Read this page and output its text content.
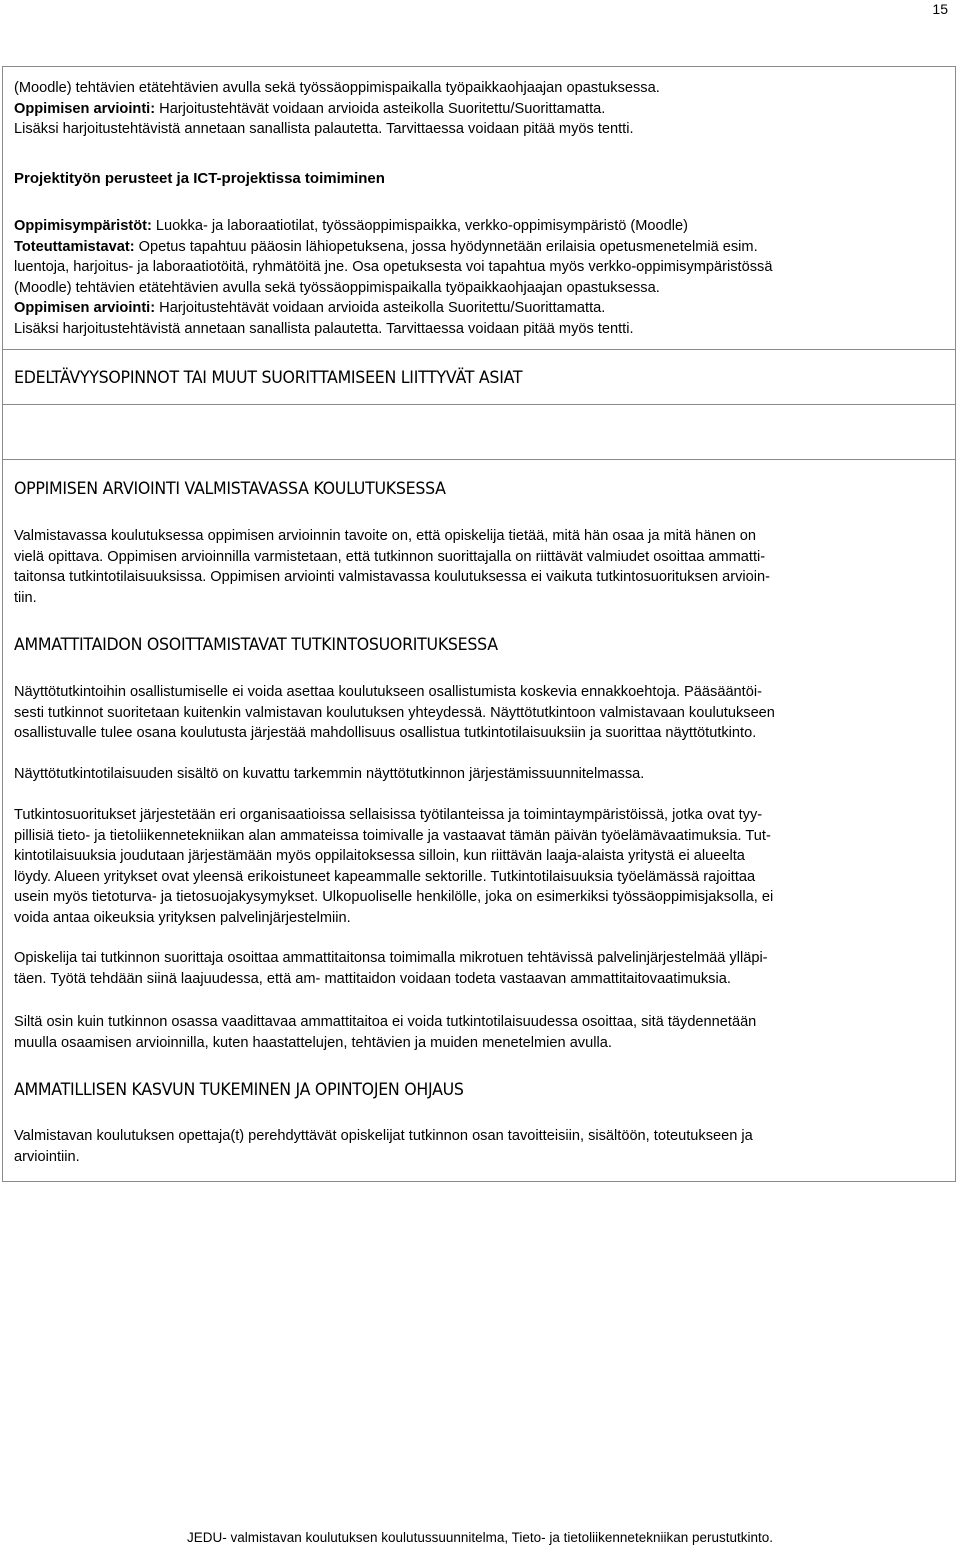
15
(Moodle) tehtävien etätehtävien avulla sekä työssäoppimispaikalla työpaikkaohjaajan opastuksessa.
Oppimisen arviointi: Harjoitustehtävät voidaan arvioida asteikolla Suoritettu/Suorittamatta.
Lisäksi harjoitustehtävistä annetaan sanallista palautetta. Tarvittaessa voidaan pitää myös tentti.
Projektityön perusteet ja ICT-projektissa toimiminen
Oppimisympäristöt: Luokka- ja laboraatiotilat, työssäoppimispaikka, verkko-oppimisympäristö (Moodle)
Toteuttamistavat: Opetus tapahtuu pääosin lähiopetuksena, jossa hyödynnetään erilaisia opetusmenetelmiä esim.
luentoja, harjoitus- ja laboraatiotöitä, ryhmätöitä jne. Osa opetuksesta voi tapahtua myös verkko-oppimisympäristössä
(Moodle) tehtävien etätehtävien avulla sekä työssäoppimispaikalla työpaikkaohjaajan opastuksessa.
Oppimisen arviointi: Harjoitustehtävät voidaan arvioida asteikolla Suoritettu/Suorittamatta.
Lisäksi harjoitustehtävistä annetaan sanallista palautetta. Tarvittaessa voidaan pitää myös tentti.
EDELTÄVYYSOPINNOT TAI MUUT SUORITTAMISEEN LIITTYVÄT ASIAT
OPPIMISEN ARVIOINTI VALMISTAVASSA KOULUTUKSESSA
Valmistavassa koulutuksessa oppimisen arvioinnin tavoite on, että opiskelija tietää, mitä hän osaa ja mitä hänen on
vielä opittava. Oppimisen arvioinnilla varmistetaan, että tutkinnon suorittajalla on riittävät valmiudet osoittaa ammatti-
taitonsa tutkintotilaisuuksissa. Oppimisen arviointi valmistavassa koulutuksessa ei vaikuta tutkintosuorituksen arvioin-
tiin.
AMMATTITAIDON OSOITTAMISTAVAT TUTKINTOSUORITUKSESSA
Näyttötutkintoihin osallistumiselle ei voida asettaa koulutukseen osallistumista koskevia ennakkoehtoja. Pääsääntöi-
sesti tutkinnot suoritetaan kuitenkin valmistavan koulutuksen yhteydessä. Näyttötutkintoon valmistavaan koulutukseen
osallistuvalle tulee osana koulutusta järjestää mahdollisuus osallistua tutkintotilaisuuksiin ja suorittaa näyttötutkinto.
Näyttötutkintotilaisuuden sisältö on kuvattu tarkemmin näyttötutkinnon järjestämissuunnitelmassa.
Tutkintosuoritukset järjestetään eri organisaatioissa sellaisissa työtilanteissa ja toimintaympäristöissä, jotka ovat tyy-
pillisiä tieto- ja tietoliikennetekniikan alan ammateissa toimivalle ja vastaavat tämän päivän työelämävaatimuksia. Tut-
kintotilaisuuksia joudutaan järjestämään myös oppilaitoksessa silloin, kun riittävän laaja-alaista yritystä ei alueelta
löydy. Alueen yritykset ovat yleensä erikoistuneet kapeammalle sektorille. Tutkintotilaisuuksia työelämässä rajoittaa
usein myös tietoturva- ja tietosuojakysymykset. Ulkopuoliselle henkilölle, joka on esimerkiksi työssäoppimisjaksolla, ei
voida antaa oikeuksia yrityksen palvelinjärjestelmiin.
Opiskelija tai tutkinnon suorittaja osoittaa ammattitaitonsa toimimalla mikrotuen tehtävissä palvelinjärjestelmää ylläpi-
täen. Työtä tehdään siinä laajuudessa, että am- mattitaidon voidaan todeta vastaavan ammattitaitovaatimuksia.
Siltä osin kuin tutkinnon osassa vaadittavaa ammattitaitoa ei voida tutkintotilaisuudessa osoittaa, sitä täydennetään
muulla osaamisen arvioinnilla, kuten haastattelujen, tehtävien ja muiden menetelmien avulla.
AMMATILLISEN KASVUN TUKEMINEN JA OPINTOJEN OHJAUS
Valmistavan koulutuksen opettaja(t) perehdyttävät opiskelijat tutkinnon osan tavoitteisiin, sisältöön, toteutukseen ja
arviointiin.
JEDU- valmistavan koulutuksen koulutussuunnitelma, Tieto- ja tietoliikennetekniikan perustutkinto.
